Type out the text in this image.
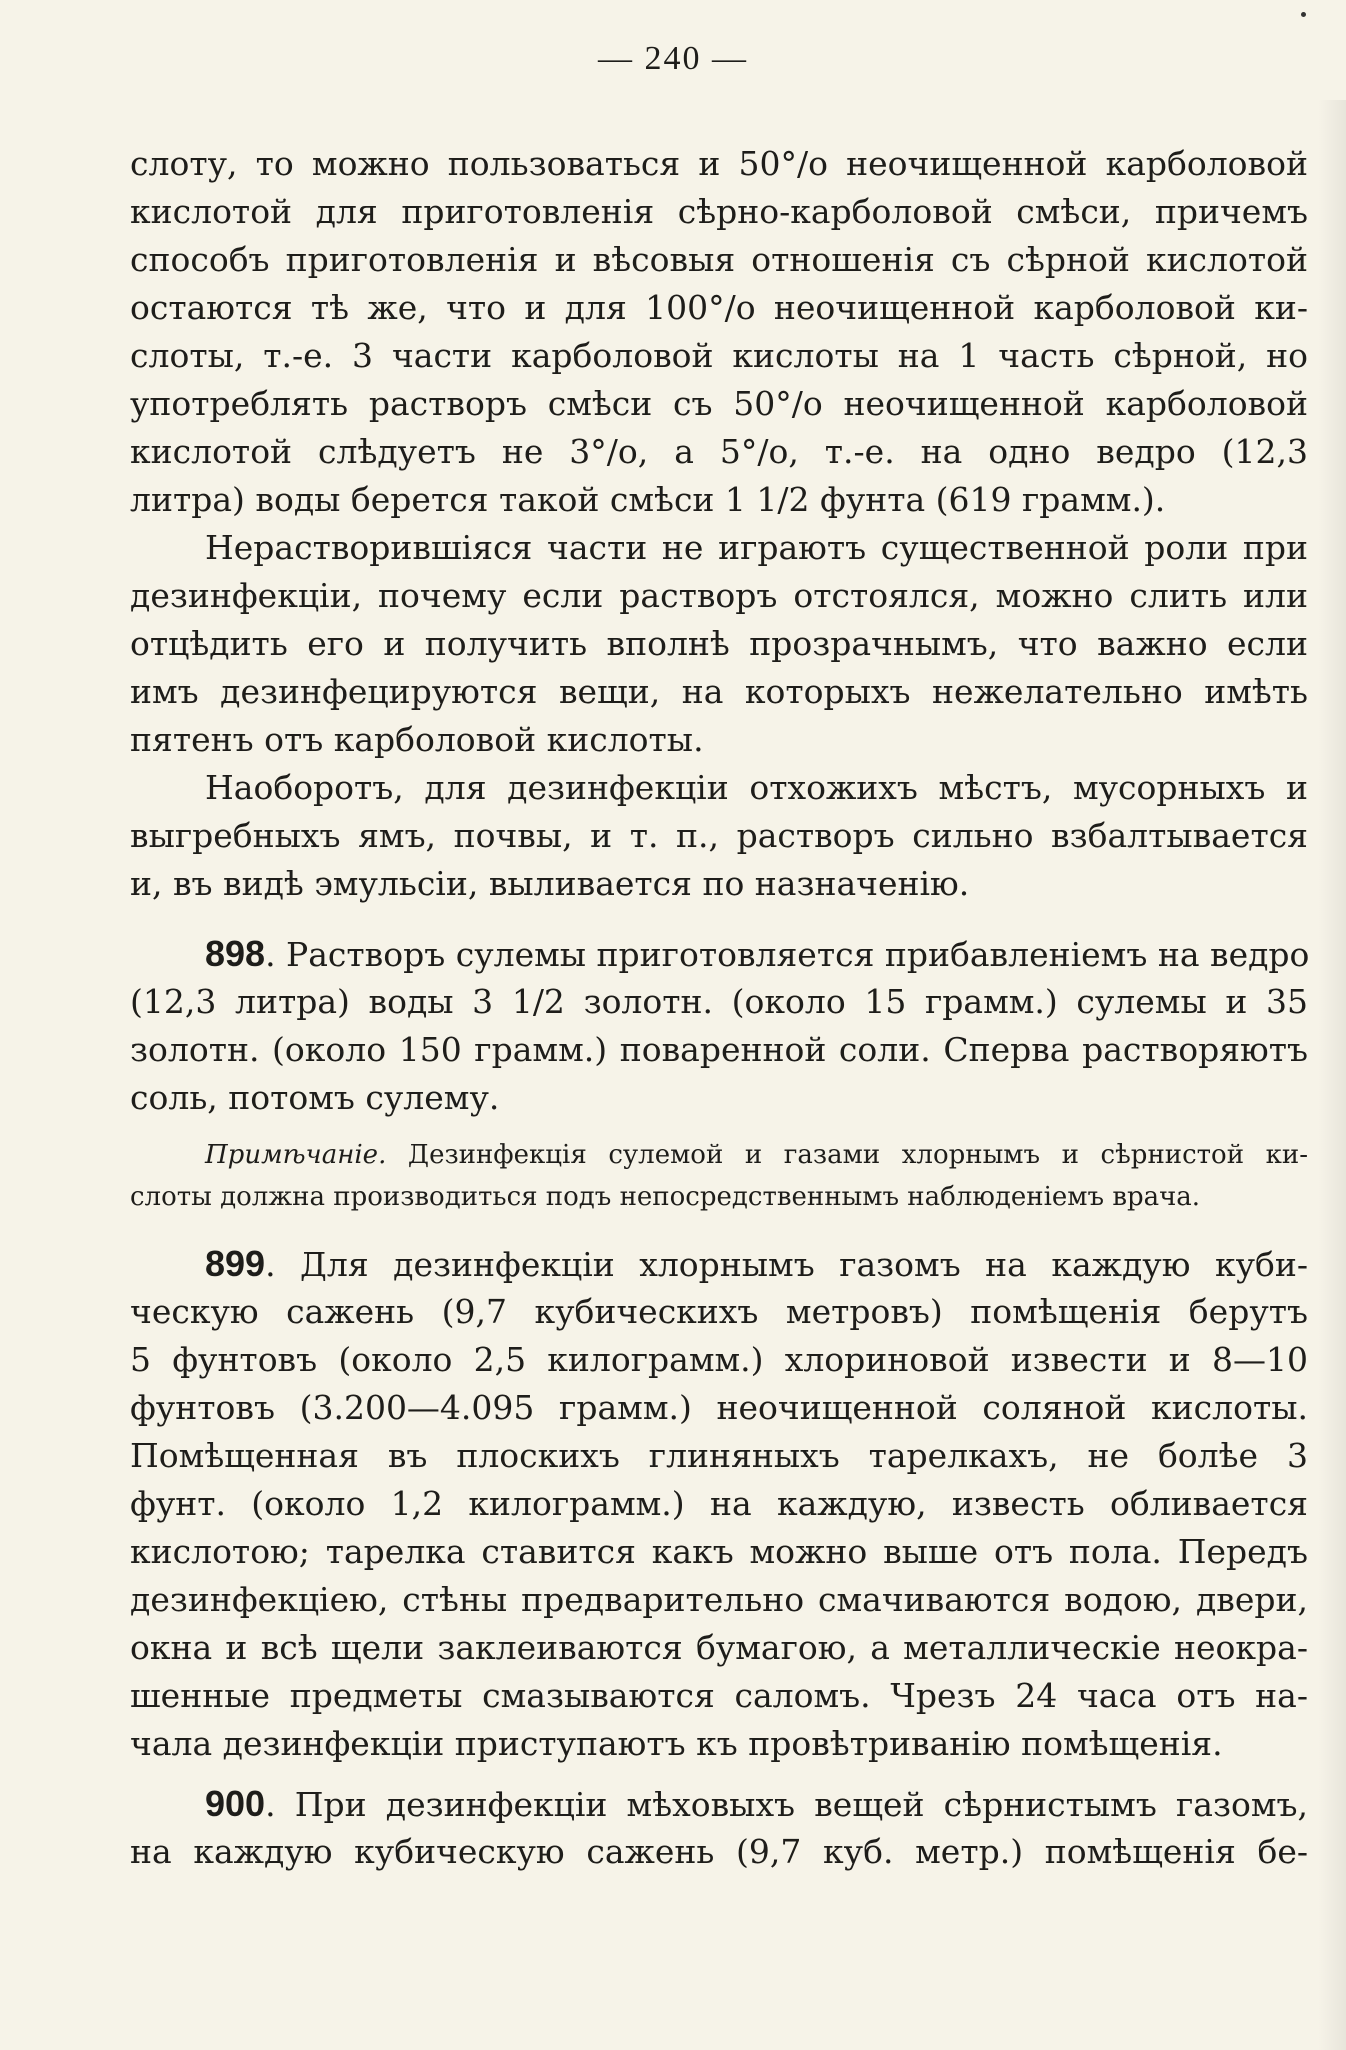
— 240 —
слоту, то можно пользоваться и 50°/о неочищенной карболовой
кислотой для приготовленія сѣрно-карболовой смѣси, причемъ
способъ приготовленія и вѣсовыя отношенія съ сѣрной кислотой
остаются тѣ же, что и для 100°/о неочищенной карболовой ки-
слоты, т.-е. 3 части карболовой кислоты на 1 часть сѣрной, но
употреблять растворъ смѣси съ 50°/о неочищенной карболовой
кислотой слѣдуетъ не 3°/о, а 5°/о, т.-е. на одно ведро (12,3
литра) воды берется такой смѣси 1 1/2 фунта (619 грамм.).
Нерастворившiяся части не играютъ существенной роли при
дезинфекціи, почему если растворъ отстоялся, можно слить или
отцѣдить его и получить вполнѣ прозрачнымъ, что важно если
имъ дезинфецируются вещи, на которыхъ нежелательно имѣть
пятенъ отъ карболовой кислоты.
Наоборотъ, для дезинфекціи отхожихъ мѣстъ, мусорныхъ и
выгребныхъ ямъ, почвы, и т. п., растворъ сильно взбалтывается
и, въ видѣ эмульсіи, выливается по назначенію.
898. Растворъ сулемы приготовляется прибавленіемъ на ведро
(12,3 литра) воды 3 1/2 золотн. (около 15 грамм.) сулемы и 35
золотн. (около 150 грамм.) поваренной соли. Сперва растворяютъ
соль, потомъ сулему.
Примѣчаніе. Дезинфекція сулемой и газами хлорнымъ и сѣрнистой ки-
слоты должна производиться подъ непосредственнымъ наблюденіемъ врача.
899. Для дезинфекціи хлорнымъ газомъ на каждую куби-
ческую сажень (9,7 кубическихъ метровъ) помѣщенія берутъ
5 фунтовъ (около 2,5 килограмм.) хлориновой извести и 8—10
фунтовъ (3.200—4.095 грамм.) неочищенной соляной кислоты.
Помѣщенная въ плоскихъ глиняныхъ тарелкахъ, не болѣе 3
фунт. (около 1,2 килограмм.) на каждую, известь обливается
кислотою; тарелка ставится какъ можно выше отъ пола. Передъ
дезинфекціею, стѣны предварительно смачиваются водою, двери,
окна и всѣ щели заклеиваются бумагою, а металлическіе неокра-
шенные предметы смазываются саломъ. Чрезъ 24 часа отъ на-
чала дезинфекціи приступаютъ къ провѣтриванію помѣщенія.
900. При дезинфекціи мѣховыхъ вещей сѣрнистымъ газомъ,
на каждую кубическую сажень (9,7 куб. метр.) помѣщенія бе-
